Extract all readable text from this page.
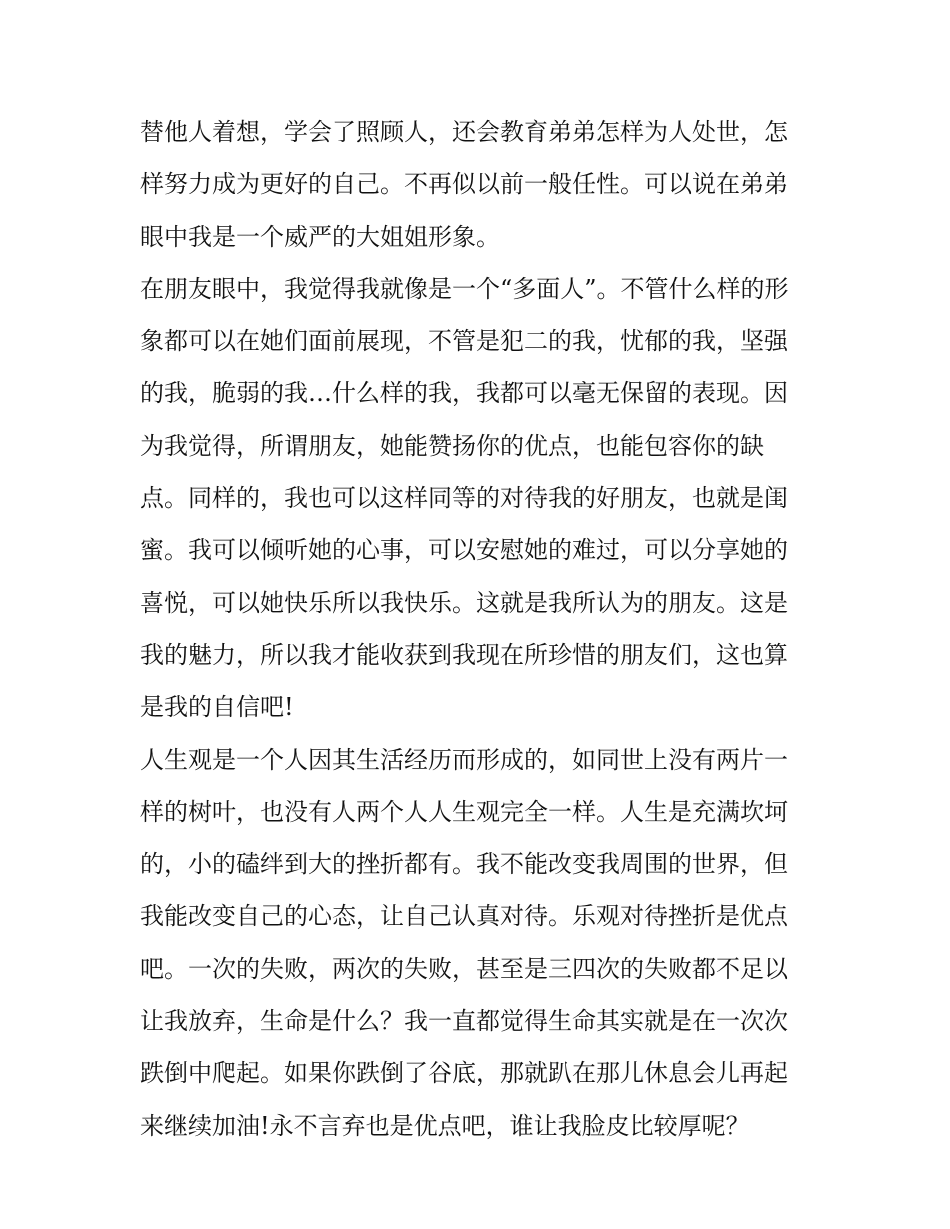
替他人着想，学会了照顾人，还会教育弟弟怎样为人处世，怎
样努力成为更好的自己。不再似以前一般任性。可以说在弟弟
眼中我是一个威严的大姐姐形象。
在朋友眼中，我觉得我就像是一个“多面人”。不管什么样的形
象都可以在她们面前展现，不管是犯二的我，忧郁的我，坚强
的我，脆弱的我…什么样的我，我都可以毫无保留的表现。因
为我觉得，所谓朋友，她能赞扬你的优点，也能包容你的缺
点。同样的，我也可以这样同等的对待我的好朋友，也就是闺
蜜。我可以倾听她的心事，可以安慰她的难过，可以分享她的
喜悦，可以她快乐所以我快乐。这就是我所认为的朋友。这是
我的魅力，所以我才能收获到我现在所珍惜的朋友们，这也算
是我的自信吧!
人生观是一个人因其生活经历而形成的，如同世上没有两片一
样的树叶，也没有人两个人人生观完全一样。人生是充满坎坷
的，小的磕绊到大的挫折都有。我不能改变我周围的世界，但
我能改变自己的心态，让自己认真对待。乐观对待挫折是优点
吧。一次的失败，两次的失败，甚至是三四次的失败都不足以
让我放弃，生命是什么？我一直都觉得生命其实就是在一次次
跌倒中爬起。如果你跌倒了谷底，那就趴在那儿休息会儿再起
来继续加油!永不言弃也是优点吧，谁让我脸皮比较厚呢？
